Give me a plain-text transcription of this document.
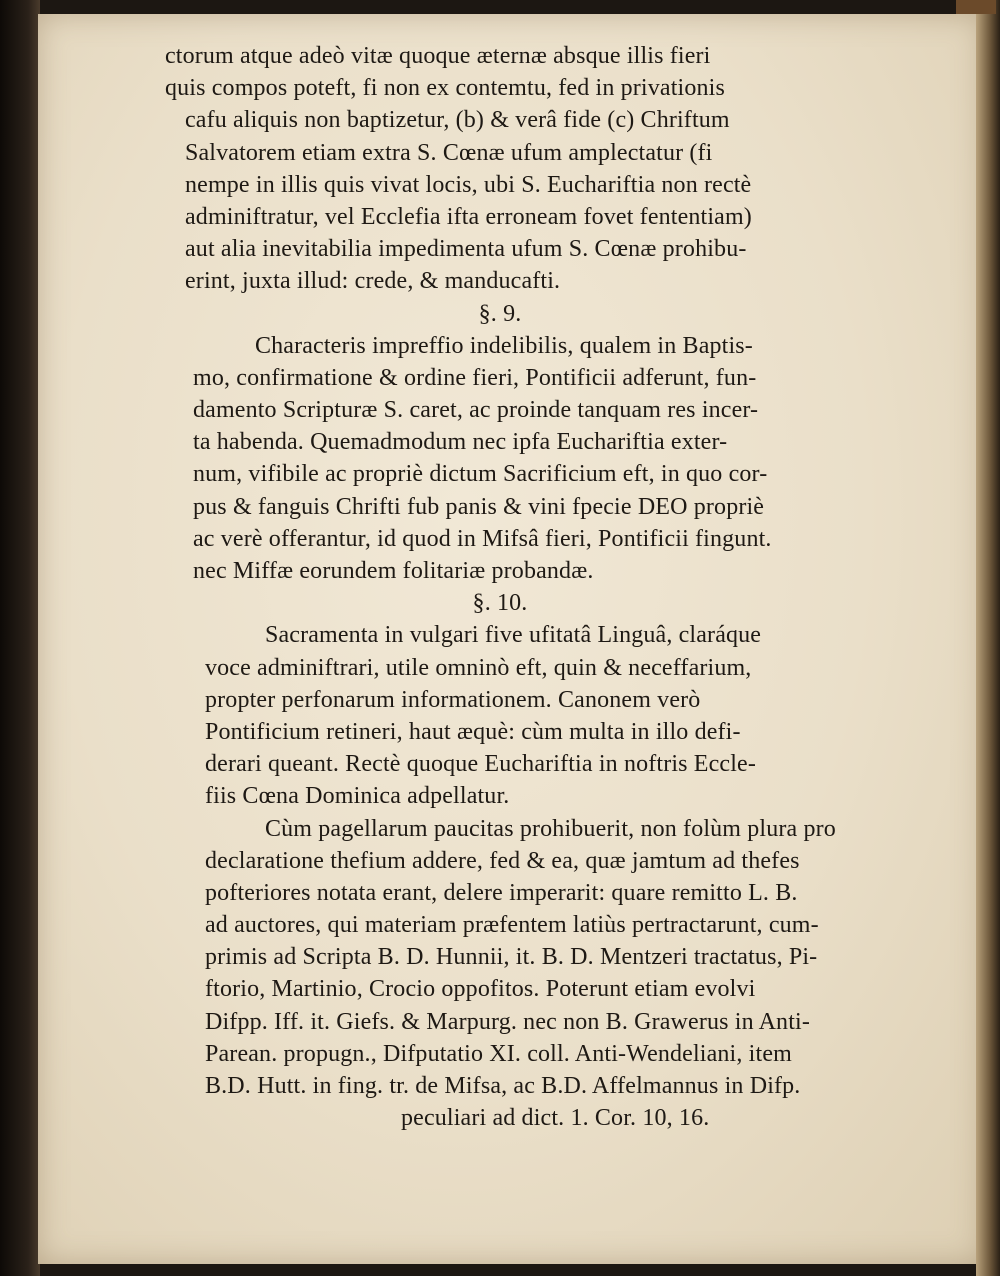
ctorum atque adeò vitæ quoque æternæ absque illis fieri
quis compos poteft, fi non ex contemtu, fed in privationis
cafu aliquis non baptizetur, (b) & verâ fide (c) Chriftum
Salvatorem etiam extra S. Cœnæ ufum amplectatur (fi
nempe in illis quis vivat locis, ubi S. Euchariftia non rectè
adminiftratur, vel Ecclefia ifta erroneam fovet fententiam)
aut alia inevitabilia impedimenta ufum S. Cœnæ prohibu-
erint, juxta illud: crede, & manducafti.
§. 9.
Characteris impreffio indelibilis, qualem in Baptis-
mo, confirmatione & ordine fieri, Pontificii adferunt, fun-
damento Scripturæ S. caret, ac proinde tanquam res incer-
ta habenda. Quemadmodum nec ipfa Euchariftia exter-
num, vifibile ac propriè dictum Sacrificium eft, in quo cor-
pus & fanguis Chrifti fub panis & vini fpecie DEO propriè
ac verè offerantur, id quod in Mifsâ fieri, Pontificii fingunt.
nec Miffæ eorundem folitariæ probandæ.
§. 10.
Sacramenta in vulgari five ufitatâ Linguâ, claráque
voce adminiftrari, utile omninò eft, quin & neceffarium,
propter perfonarum informationem. Canonem verò
Pontificium retineri, haut æquè: cùm multa in illo defi-
derari queant. Rectè quoque Euchariftia in noftris Eccle-
fiis Cœna Dominica adpellatur.
Cùm pagellarum paucitas prohibuerit, non folùm plura pro
declaratione thefium addere, fed & ea, quæ jamtum ad thefes
pofteriores notata erant, delere imperarit: quare remitto L. B.
ad auctores, qui materiam præfentem latiùs pertractarunt, cum-
primis ad Scripta B. D. Hunnii, it. B. D. Mentzeri tractatus, Pi-
ftorio, Martinio, Crocio oppofitos. Poterunt etiam evolvi
Difpp. Iff. it. Giefs. & Marpurg. nec non B. Grawerus in Anti-
Parean. propugn., Difputatio XI. coll. Anti-Wendeliani, item
B.D. Hutt. in fing. tr. de Mifsa, ac B.D. Affelmannus in Difp.
peculiari ad dict. 1. Cor. 10, 16.
